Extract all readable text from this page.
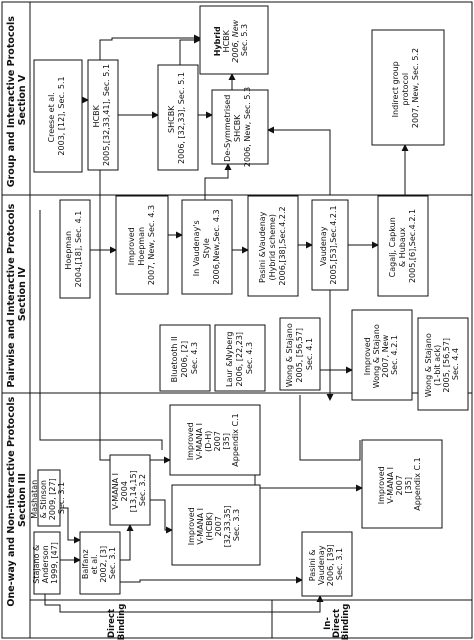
Group and Interactive Protocols Section V
Pairwise and Interactive Protocols Section IV
One-way and Non-interactive Protocols Section III
Direct Binding	In- Direct Binding
Hybrid HCBK 2006, New Sec. 5.3
Indirect group protocol 2007, New, Sec. 5.2
Creese et al. 2003, [12], Sec. 5.1	HCBK 2005,[32,33,41], Sec. 5.1	SHCBK 2006, [32,33], Sec. 5.1	De-Symmetrised SHCBK 2006, New, Sec. 5.3
Hoepman 2004,[18], Sec. 4.1	Improved Hoepman 2007, New, Sec. 4.3	In Vaudenay's Style 2006,New,Sec. 4.3	Pasini &Vaudenay (Hybrid scheme) 2006,[38],Sec.4.2.2	Vaudenay 2005,[53],Sec.4.2.1	Cagalj, Capkun & Hubaux 2005,[6],Sec.4.2.1
Bluetooth II 2006, [2] Sec. 4.3	Laur &Nyberg 2006, [22,23] Sec. 4.3	Wong & Stajano 2005, [56,57] Sec. 4.1	Improved Wong & Stajano 2007, New Sec. 4.2.1	Wong & Stajano (1-bit ack) 2005, [56,57] Sec. 4.4
Stajano & Anderson 1999, [47]
Mashatan & Stinson 2009, [27] Sec. 3.1
Balfanz et al. 2002, [3] Sec. 3.1
V-MANA I 2004 [13,14,15] Sec. 3.2
Improved V-MANA I (D-H) 2007 [35] Appendix C.1
Improved V-MANA I (HCBK) 2007 [32,33,35] Sec. 3.3
Improved V-MANA I 2007 [35] Appendix C.1
Pasini & Vaudenay 2006, [39] Sec. 3.1
